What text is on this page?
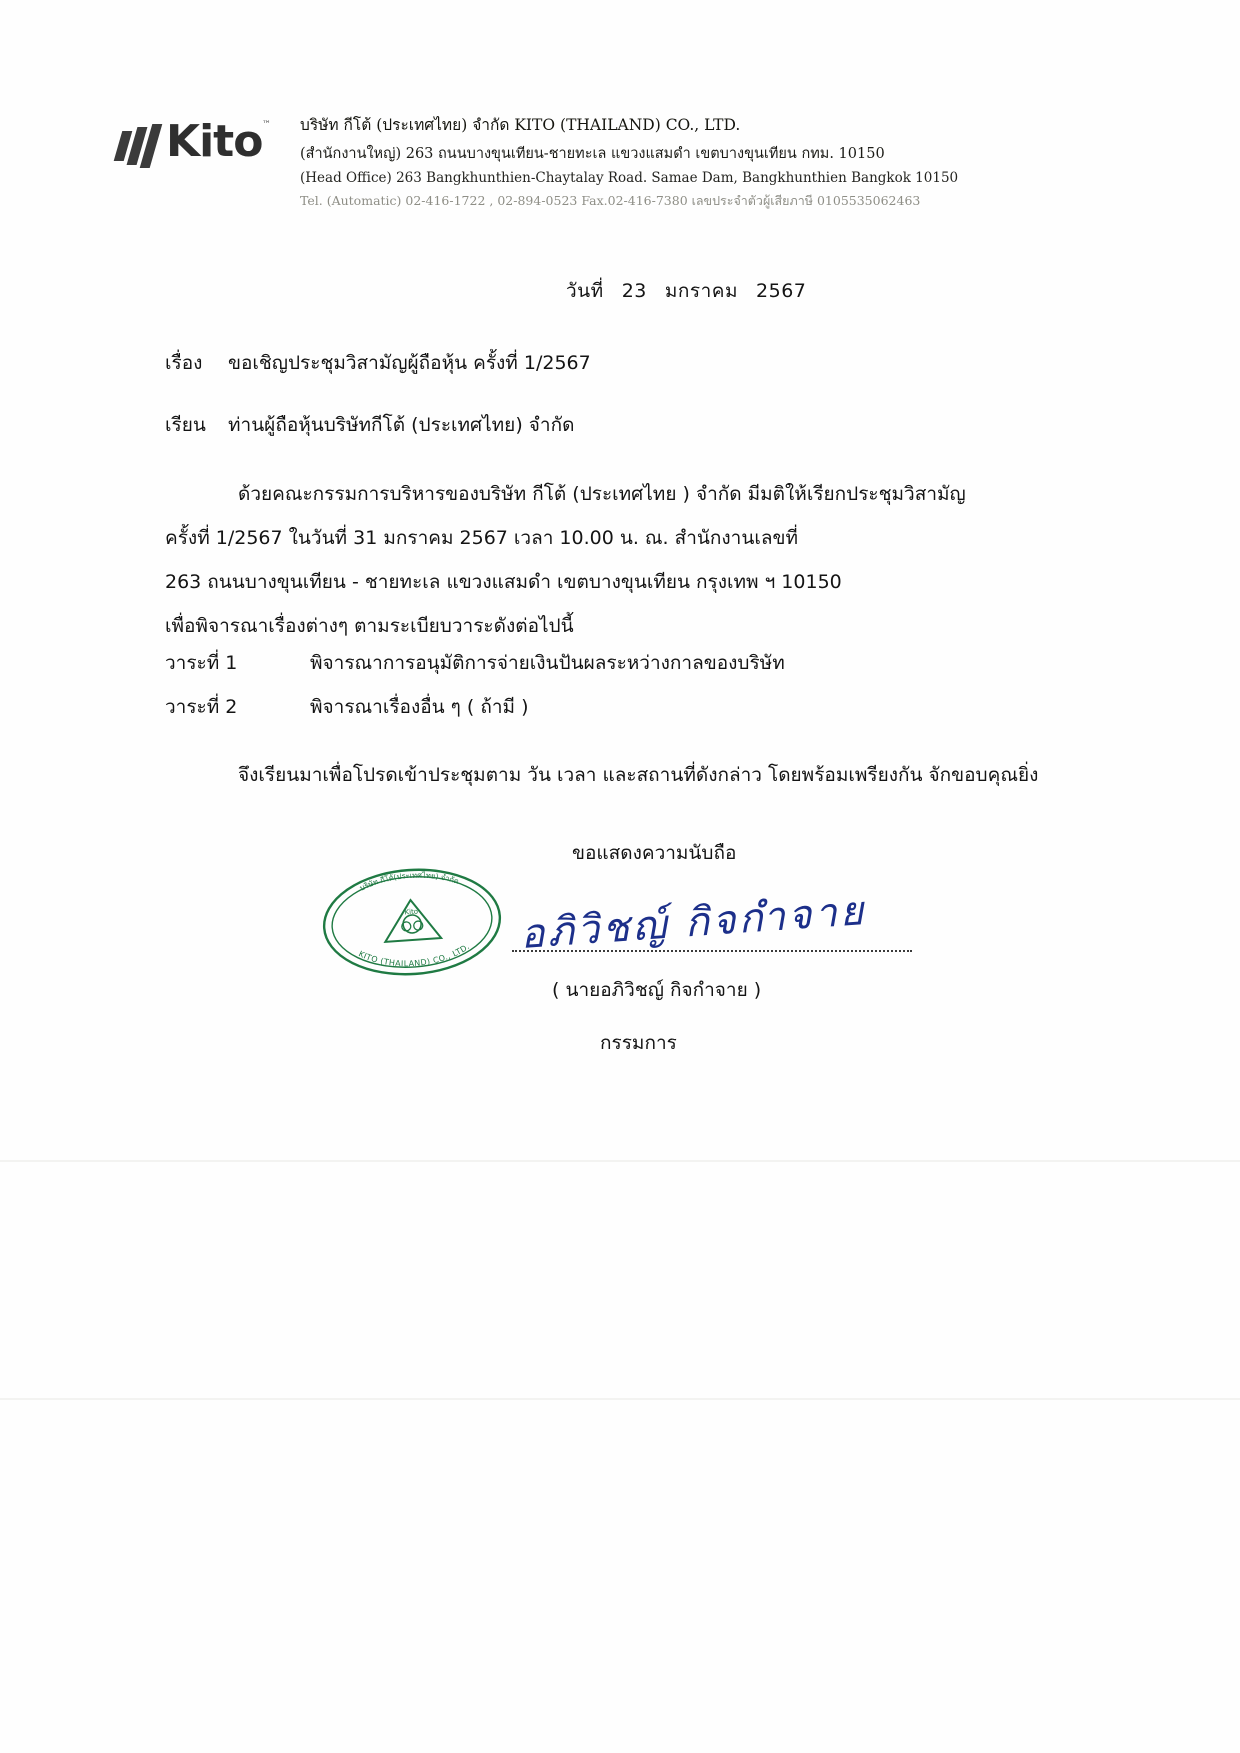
Kito ™ บริษัท กีโต้ (ประเทศไทย) จำกัด KITO (THAILAND) CO., LTD.
(สำนักงานใหญ่) 263 ถนนบางขุนเทียน-ชายทะเล แขวงแสมดำ เขตบางขุนเทียน กทม. 10150
(Head Office) 263 Bangkhunthien-Chaytalay Road. Samae Dam, Bangkhunthien Bangkok 10150
Tel. (Automatic) 02-416-1722 , 02-894-0523 Fax.02-416-7380 เลขประจำตัวผู้เสียภาษี 0105535062463
วันที่ 23 มกราคม 2567
เรื่อง ขอเชิญประชุมวิสามัญผู้ถือหุ้น ครั้งที่ 1/2567
เรียน ท่านผู้ถือหุ้นบริษัทกีโต้ (ประเทศไทย) จำกัด
ด้วยคณะกรรมการบริหารของบริษัท กีโต้ (ประเทศไทย ) จำกัด มีมติให้เรียกประชุมวิสามัญ
ครั้งที่ 1/2567 ในวันที่ 31 มกราคม 2567 เวลา 10.00 น. ณ. สำนักงานเลขที่
263 ถนนบางขุนเทียน - ชายทะเล แขวงแสมดำ เขตบางขุนเทียน กรุงเทพ ฯ 10150
เพื่อพิจารณาเรื่องต่างๆ ตามระเบียบวาระดังต่อไปนี้
วาระที่ 1	พิจารณาการอนุมัติการจ่ายเงินปันผลระหว่างกาลของบริษัท
วาระที่ 2	พิจารณาเรื่องอื่น ๆ ( ถ้ามี )
จึงเรียนมาเพื่อโปรดเข้าประชุมตาม วัน เวลา และสถานที่ดังกล่าว โดยพร้อมเพรียงกัน จักขอบคุณยิ่ง
ขอแสดงความนับถือ
บริษัท กีโต้(ประเทศไทย) จำกัด
KITO (THAILAND) CO., LTD.
Kito	อภิวิชญ์ กิจกำจาย
( นายอภิวิชญ์ กิจกำจาย )
กรรมการ
